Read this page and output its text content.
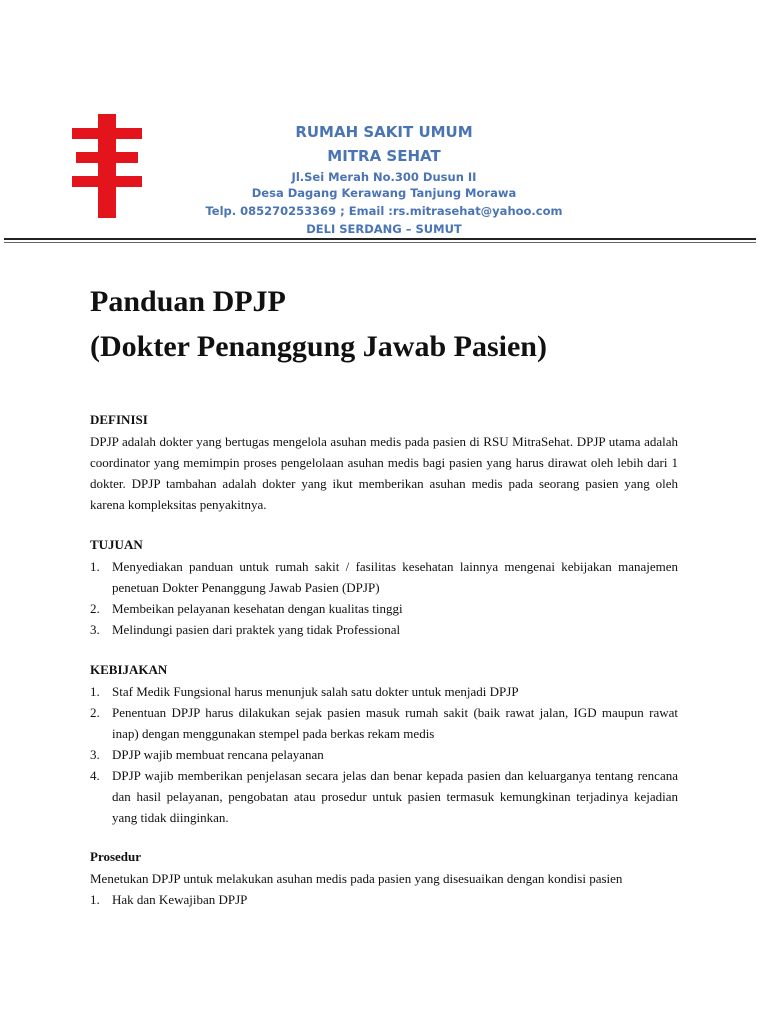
RUMAH SAKIT UMUM
MITRA SEHAT
Jl.Sei Merah No.300 Dusun II
Desa Dagang Kerawang Tanjung Morawa
Telp. 085270253369 ; Email :rs.mitrasehat@yahoo.com
DELI SERDANG – SUMUT
Panduan DPJP
(Dokter Penanggung Jawab Pasien)
DEFINISI
DPJP adalah dokter yang bertugas mengelola asuhan medis pada pasien di RSU MitraSehat. DPJP utama adalah coordinator yang memimpin proses pengelolaan asuhan medis bagi pasien yang harus dirawat oleh lebih dari 1 dokter. DPJP tambahan adalah dokter yang ikut memberikan asuhan medis pada seorang pasien yang oleh karena kompleksitas penyakitnya.
TUJUAN
1. Menyediakan panduan untuk rumah sakit / fasilitas kesehatan lainnya mengenai kebijakan manajemen penetuan Dokter Penanggung Jawab Pasien (DPJP)
2. Membeikan pelayanan kesehatan dengan kualitas tinggi
3. Melindungi pasien dari praktek yang tidak Professional
KEBIJAKAN
1. Staf Medik Fungsional harus menunjuk salah satu dokter untuk menjadi DPJP
2. Penentuan DPJP harus dilakukan sejak pasien masuk rumah sakit (baik rawat jalan, IGD maupun rawat inap) dengan menggunakan stempel pada berkas rekam medis
3. DPJP wajib membuat rencana pelayanan
4. DPJP wajib memberikan penjelasan secara jelas dan benar kepada pasien dan keluarganya tentang rencana dan hasil pelayanan, pengobatan atau prosedur untuk pasien termasuk kemungkinan terjadinya kejadian yang tidak diinginkan.
Prosedur
Menetukan DPJP untuk melakukan asuhan medis pada pasien yang disesuaikan dengan kondisi pasien
1. Hak dan Kewajiban DPJP
